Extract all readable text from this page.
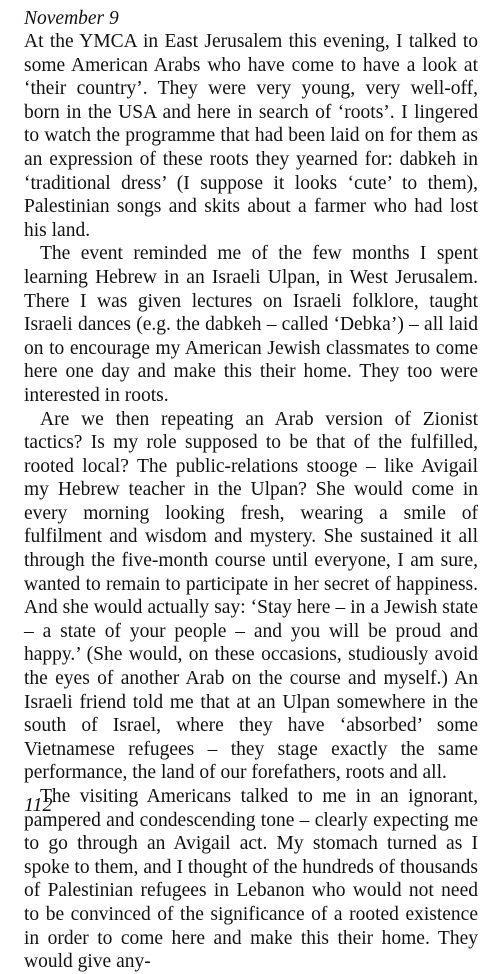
November 9

At the YMCA in East Jerusalem this evening, I talked to some American Arabs who have come to have a look at ‘their country’. They were very young, very well-off, born in the USA and here in search of ‘roots’. I lingered to watch the programme that had been laid on for them as an expression of these roots they yearned for: dabkeh in ‘traditional dress’ (I suppose it looks ‘cute’ to them), Palestinian songs and skits about a farmer who had lost his land.

The event reminded me of the few months I spent learning Hebrew in an Israeli Ulpan, in West Jerusalem. There I was given lectures on Israeli folklore, taught Israeli dances (e.g. the dabkeh – called ‘Debka’) – all laid on to encourage my American Jewish classmates to come here one day and make this their home. They too were interested in roots.

Are we then repeating an Arab version of Zionist tactics? Is my role supposed to be that of the fulfilled, rooted local? The public-relations stooge – like Avigail my Hebrew teacher in the Ulpan? She would come in every morning looking fresh, wearing a smile of fulfilment and wisdom and mystery. She sustained it all through the five-month course until everyone, I am sure, wanted to remain to participate in her secret of happiness. And she would actually say: ‘Stay here – in a Jewish state – a state of your people – and you will be proud and happy.’ (She would, on these occasions, studiously avoid the eyes of another Arab on the course and myself.) An Israeli friend told me that at an Ulpan somewhere in the south of Israel, where they have ‘absorbed’ some Vietnamese refugees – they stage exactly the same performance, the land of our forefathers, roots and all.

The visiting Americans talked to me in an ignorant, pampered and condescending tone – clearly expecting me to go through an Avigail act. My stomach turned as I spoke to them, and I thought of the hundreds of thousands of Palestinian refugees in Lebanon who would not need to be convinced of the significance of a rooted existence in order to come here and make this their home. They would give any-

112
